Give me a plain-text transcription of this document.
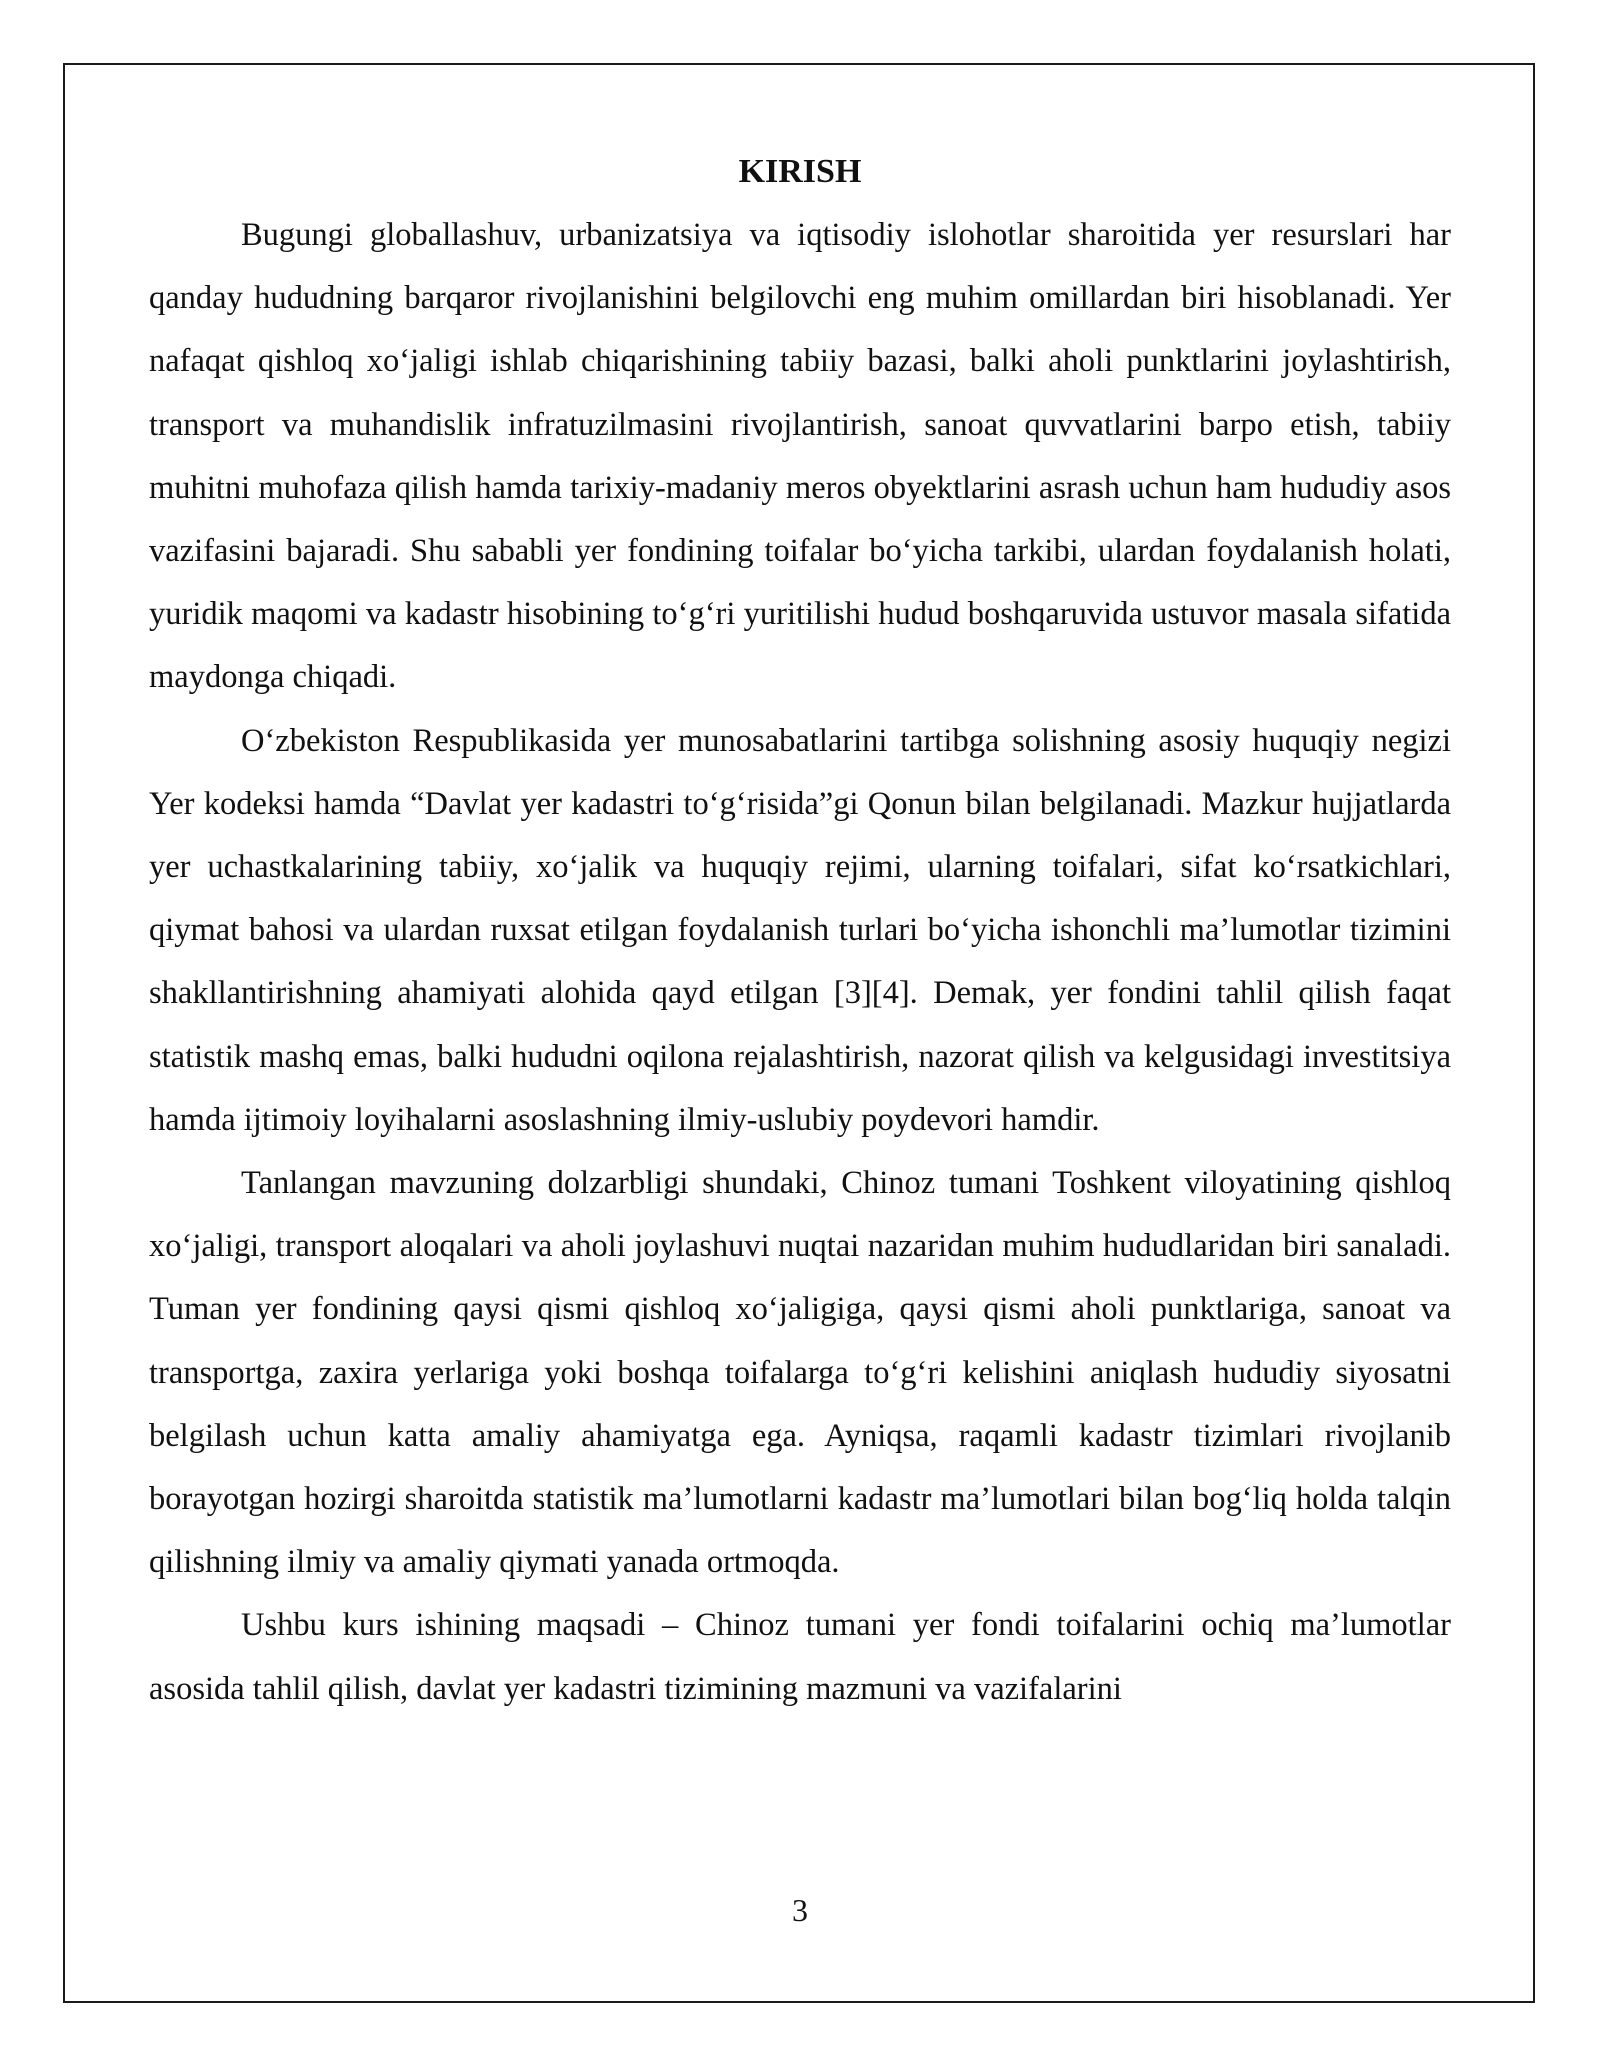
KIRISH

Bugungi globallashuv, urbanizatsiya va iqtisodiy islohotlar sharoitida yer resurslari har qanday hududning barqaror rivojlanishini belgilovchi eng muhim omillardan biri hisoblanadi. Yer nafaqat qishloq xo‘jaligi ishlab chiqarishining tabiiy bazasi, balki aholi punktlarini joylashtirish, transport va muhandislik infratuzilmasini rivojlantirish, sanoat quvvatlarini barpo etish, tabiiy muhitni muhofaza qilish hamda tarixiy-madaniy meros obyektlarini asrash uchun ham hududiy asos vazifasini bajaradi. Shu sababli yer fondining toifalar bo‘yicha tarkibi, ulardan foydalanish holati, yuridik maqomi va kadastr hisobining to‘g‘ri yuritilishi hudud boshqaruvida ustuvor masala sifatida maydonga chiqadi.

O‘zbekiston Respublikasida yer munosabatlarini tartibga solishning asosiy huquqiy negizi Yer kodeksi hamda “Davlat yer kadastri to‘g‘risida”gi Qonun bilan belgilanadi. Mazkur hujjatlarda yer uchastkalarining tabiiy, xo‘jalik va huquqiy rejimi, ularning toifalari, sifat ko‘rsatkichlari, qiymat bahosi va ulardan ruxsat etilgan foydalanish turlari bo‘yicha ishonchli ma’lumotlar tizimini shakllantirishning ahamiyati alohida qayd etilgan [3][4]. Demak, yer fondini tahlil qilish faqat statistik mashq emas, balki hududni oqilona rejalashtirish, nazorat qilish va kelgusidagi investitsiya hamda ijtimoiy loyihalarni asoslashning ilmiy-uslubiy poydevori hamdir.

Tanlangan mavzuning dolzarbligi shundaki, Chinoz tumani Toshkent viloyatining qishloq xo‘jaligi, transport aloqalari va aholi joylashuvi nuqtai nazaridan muhim hududlaridan biri sanaladi. Tuman yer fondining qaysi qismi qishloq xo‘jaligiga, qaysi qismi aholi punktlariga, sanoat va transportga, zaxira yerlariga yoki boshqa toifalarga to‘g‘ri kelishini aniqlash hududiy siyosatni belgilash uchun katta amaliy ahamiyatga ega. Ayniqsa, raqamli kadastr tizimlari rivojlanib borayotgan hozirgi sharoitda statistik ma’lumotlarni kadastr ma’lumotlari bilan bog‘liq holda talqin qilishning ilmiy va amaliy qiymati yanada ortmoqda.

Ushbu kurs ishining maqsadi – Chinoz tumani yer fondi toifalarini ochiq ma’lumotlar asosida tahlil qilish, davlat yer kadastri tizimining mazmuni va vazifalarini

3
